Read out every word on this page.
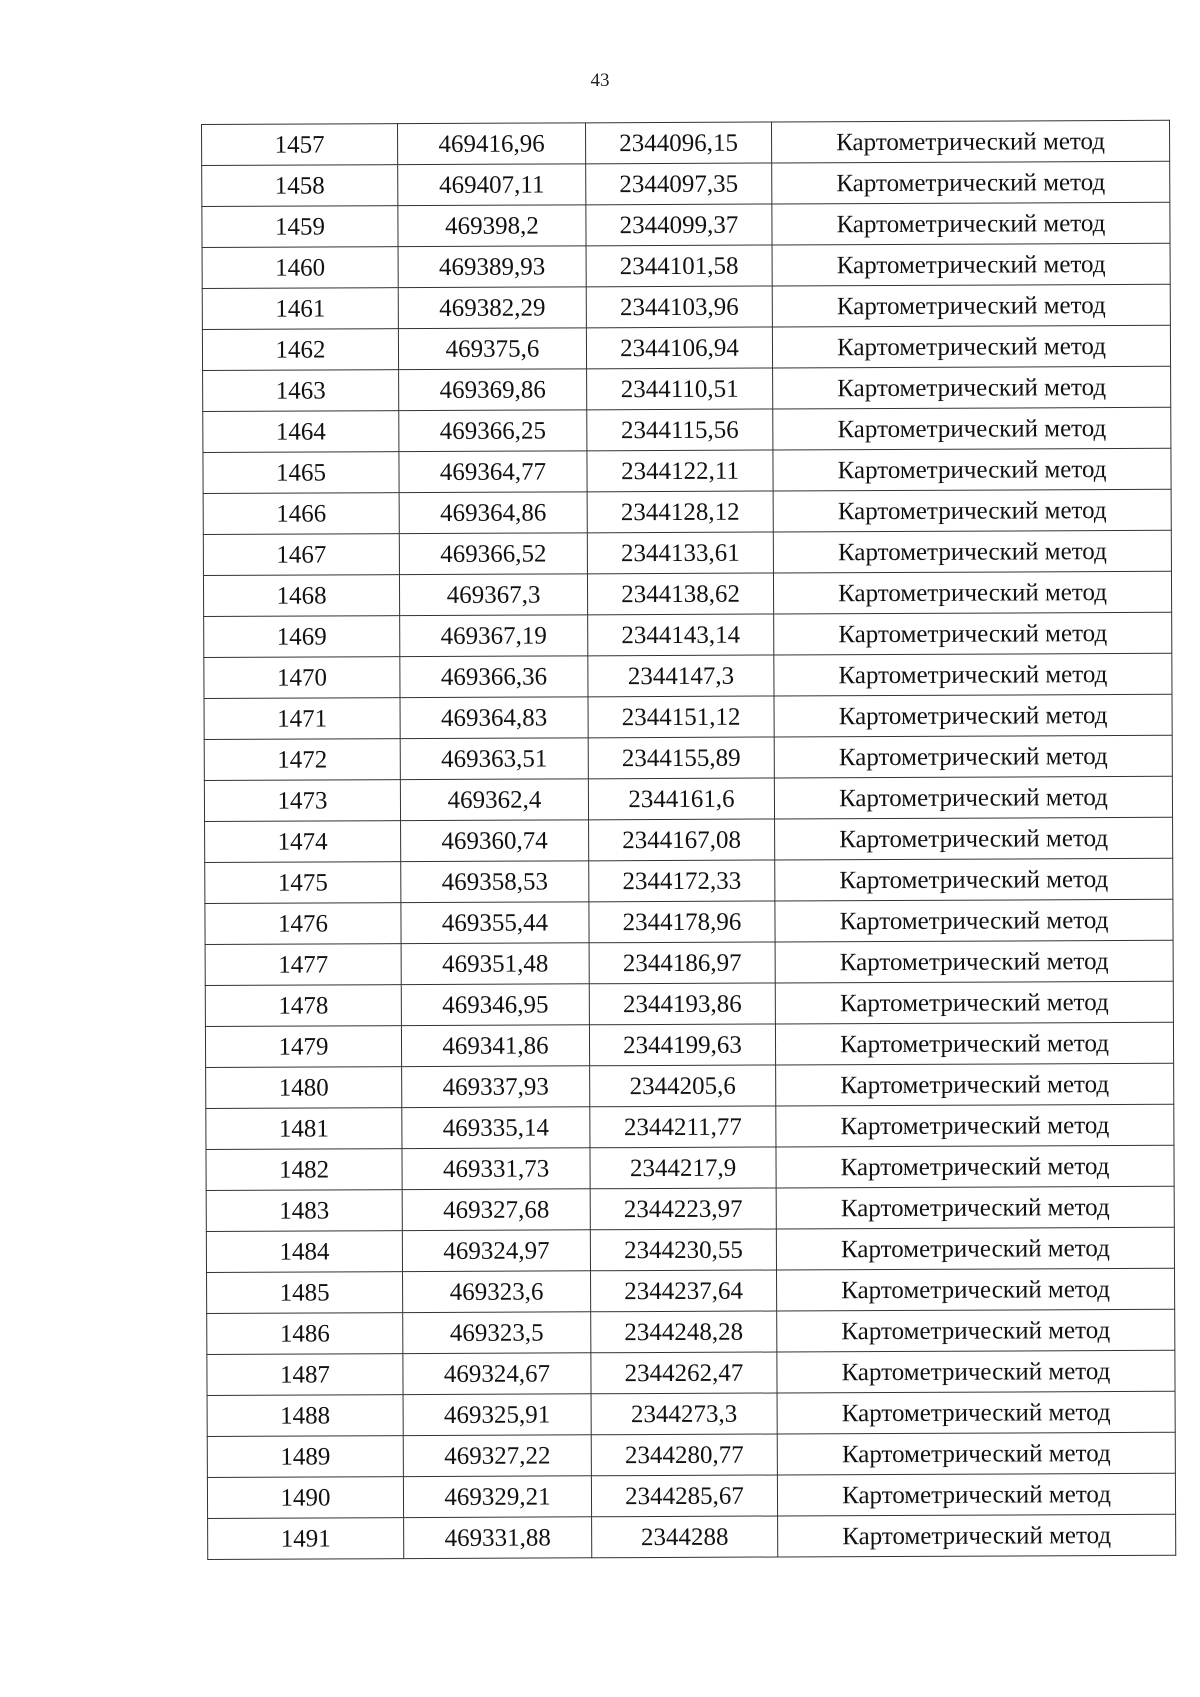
43
1457	469416,96	2344096,15	Картометрический метод
1458	469407,11	2344097,35	Картометрический метод
1459	469398,2	2344099,37	Картометрический метод
1460	469389,93	2344101,58	Картометрический метод
1461	469382,29	2344103,96	Картометрический метод
1462	469375,6	2344106,94	Картометрический метод
1463	469369,86	2344110,51	Картометрический метод
1464	469366,25	2344115,56	Картометрический метод
1465	469364,77	2344122,11	Картометрический метод
1466	469364,86	2344128,12	Картометрический метод
1467	469366,52	2344133,61	Картометрический метод
1468	469367,3	2344138,62	Картометрический метод
1469	469367,19	2344143,14	Картометрический метод
1470	469366,36	2344147,3	Картометрический метод
1471	469364,83	2344151,12	Картометрический метод
1472	469363,51	2344155,89	Картометрический метод
1473	469362,4	2344161,6	Картометрический метод
1474	469360,74	2344167,08	Картометрический метод
1475	469358,53	2344172,33	Картометрический метод
1476	469355,44	2344178,96	Картометрический метод
1477	469351,48	2344186,97	Картометрический метод
1478	469346,95	2344193,86	Картометрический метод
1479	469341,86	2344199,63	Картометрический метод
1480	469337,93	2344205,6	Картометрический метод
1481	469335,14	2344211,77	Картометрический метод
1482	469331,73	2344217,9	Картометрический метод
1483	469327,68	2344223,97	Картометрический метод
1484	469324,97	2344230,55	Картометрический метод
1485	469323,6	2344237,64	Картометрический метод
1486	469323,5	2344248,28	Картометрический метод
1487	469324,67	2344262,47	Картометрический метод
1488	469325,91	2344273,3	Картометрический метод
1489	469327,22	2344280,77	Картометрический метод
1490	469329,21	2344285,67	Картометрический метод
1491	469331,88	2344288	Картометрический метод
